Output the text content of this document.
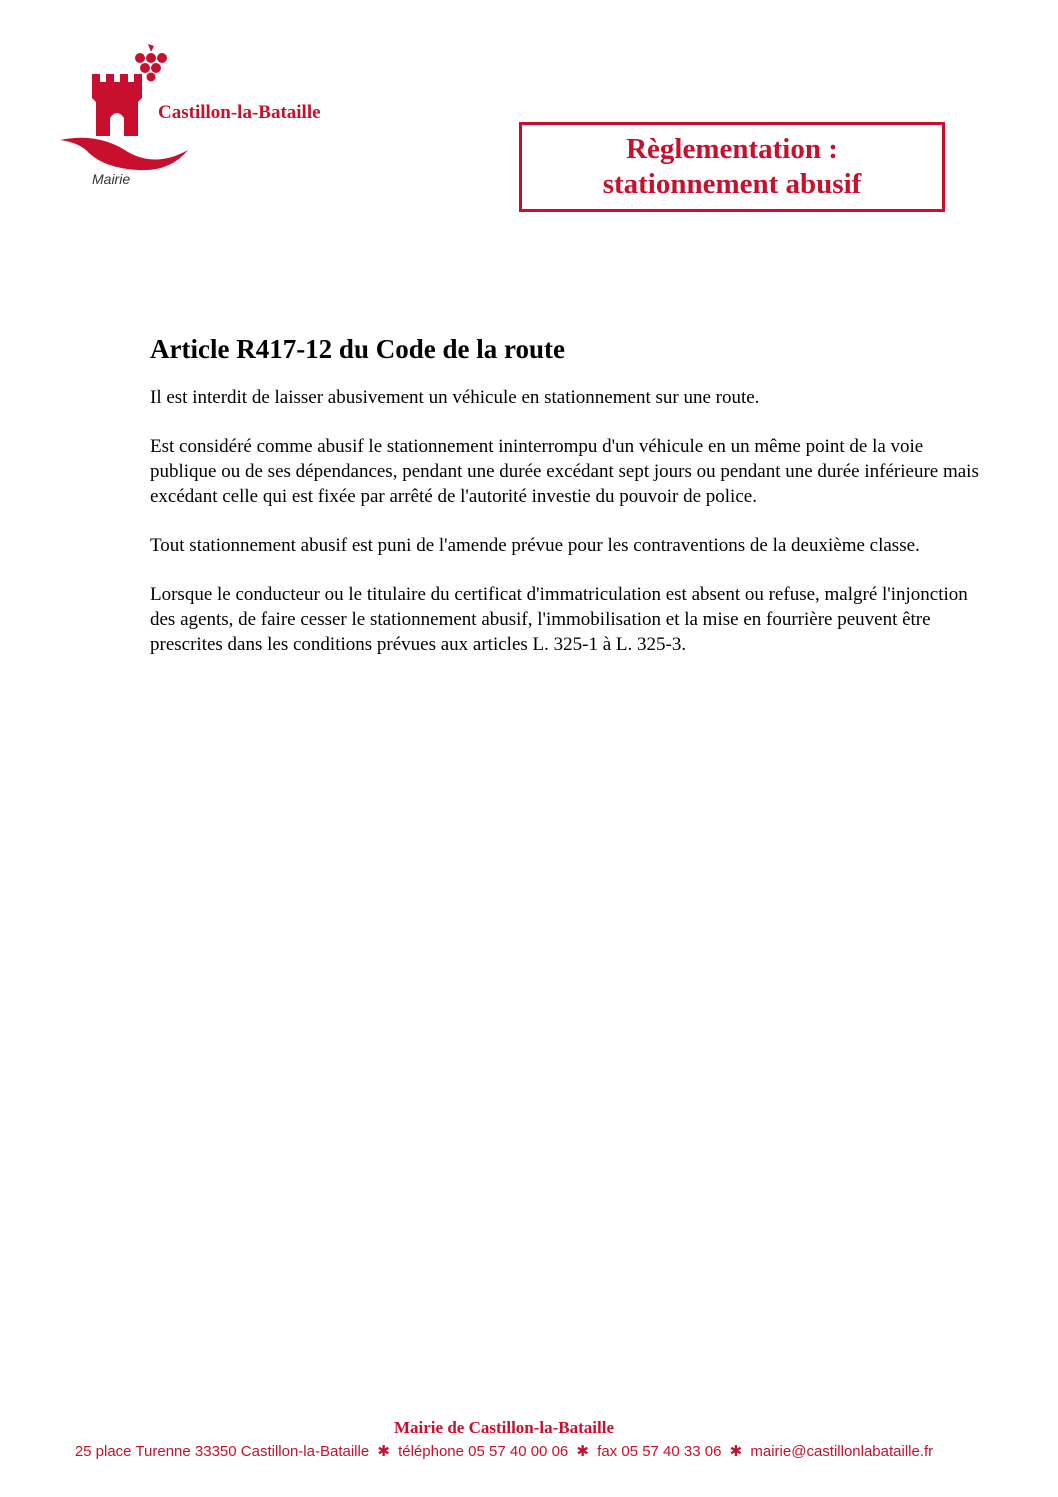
Castillon-la-Bataille
Mairie
Règlementation :
stationnement abusif
Article R417-12 du Code de la route

Il est interdit de laisser abusivement un véhicule en stationnement sur une route.

Est considéré comme abusif le stationnement ininterrompu d'un véhicule en un même point de la voie publique ou de ses dépendances, pendant une durée excédant sept jours ou pendant une durée inférieure mais excédant celle qui est fixée par arrêté de l'autorité investie du pouvoir de police.

Tout stationnement abusif est puni de l'amende prévue pour les contraventions de la deuxième classe.

Lorsque le conducteur ou le titulaire du certificat d'immatriculation est absent ou refuse, malgré l'injonction des agents, de faire cesser le stationnement abusif, l'immobilisation et la mise en fourrière peuvent être prescrites dans les conditions prévues aux articles L. 325-1 à L. 325-3.

Mairie de Castillon-la-Bataille
25 place Turenne 33350 Castillon-la-Bataille ✱ téléphone 05 57 40 00 06 ✱ fax 05 57 40 33 06 ✱ mairie@castillonlabataille.fr
